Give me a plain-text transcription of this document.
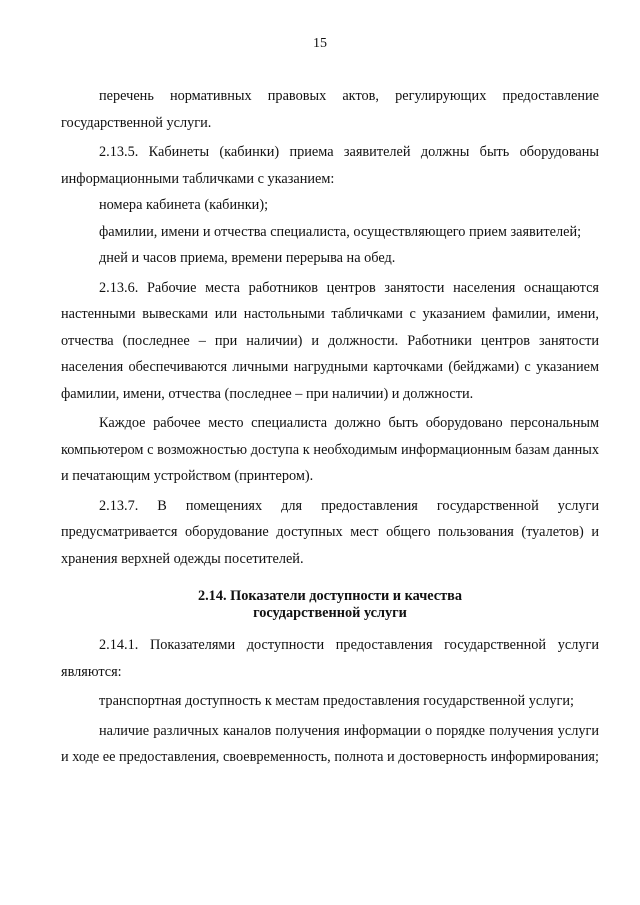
15

перечень нормативных правовых актов, регулирующих предоставление государственной услуги.

2.13.5. Кабинеты (кабинки) приема заявителей должны быть оборудованы информационными табличками с указанием:

номера кабинета (кабинки);

фамилии, имени и отчества специалиста, осуществляющего прием заявителей;

дней и часов приема, времени перерыва на обед.

2.13.6. Рабочие места работников центров занятости населения оснащаются настенными вывесками или настольными табличками с указанием фамилии, имени, отчества (последнее – при наличии) и должности. Работники центров занятости населения обеспечиваются личными нагрудными карточками (бейджами) с указанием фамилии, имени, отчества (последнее – при наличии) и должности.

Каждое рабочее место специалиста должно быть оборудовано персональным компьютером с возможностью доступа к необходимым информационным базам данных и печатающим устройством (принтером).

2.13.7. В помещениях для предоставления государственной услуги предусматривается оборудование доступных мест общего пользования (туалетов) и хранения верхней одежды посетителей.

2.14. Показатели доступности и качества
государственной услуги

2.14.1. Показателями доступности предоставления государственной услуги являются:

транспортная доступность к местам предоставления государственной услуги;

наличие различных каналов получения информации о порядке получения услуги и ходе ее предоставления, своевременность, полнота и достоверность информирования;
